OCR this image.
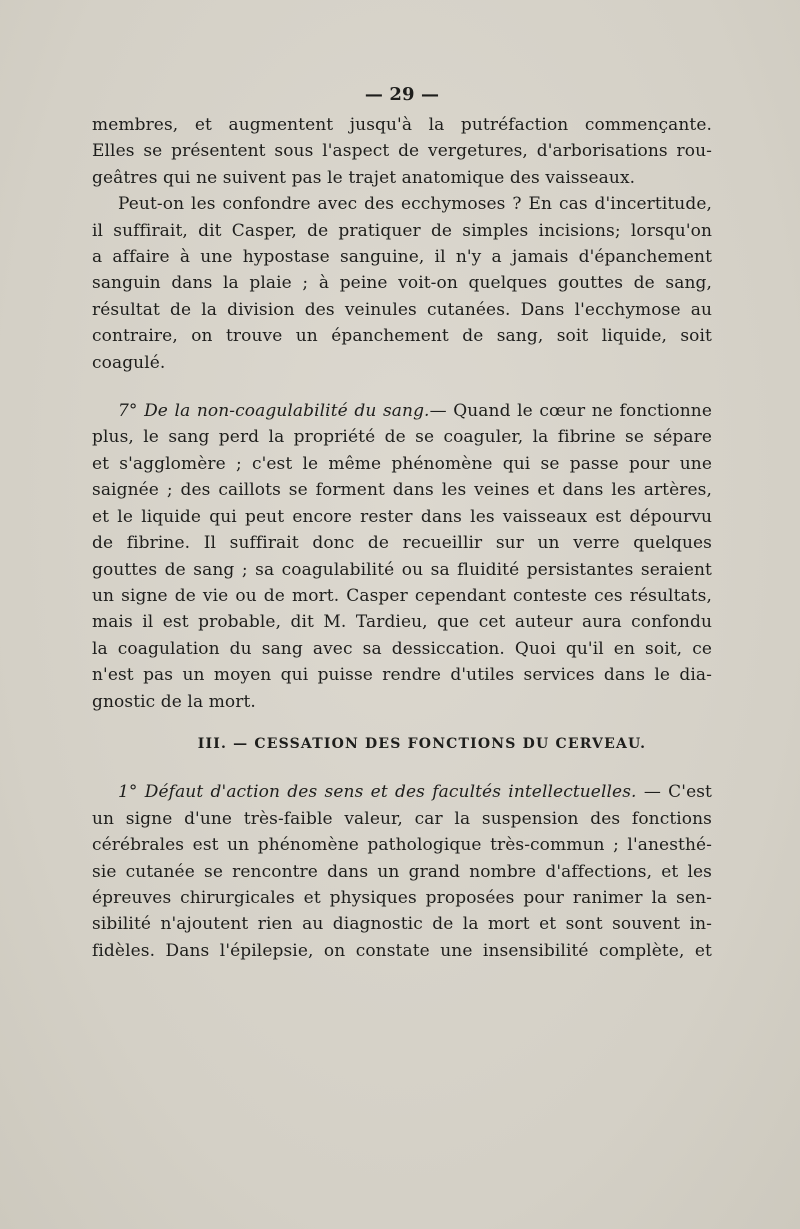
— 29 —
membres, et augmentent jusqu'à la putréfaction commençante.
Elles se présentent sous l'aspect de vergetures, d'arborisations rou-
geâtres qui ne suivent pas le trajet anatomique des vaisseaux.
Peut-on les confondre avec des ecchymoses ? En cas d'incertitude,
il suffirait, dit Casper, de pratiquer de simples incisions; lorsqu'on
a affaire à une hypostase sanguine, il n'y a jamais d'épanchement
sanguin dans la plaie ; à peine voit-on quelques gouttes de sang,
résultat de la division des veinules cutanées. Dans l'ecchymose au
contraire, on trouve un épanchement de sang, soit liquide, soit
coagulé.
7° De la non-coagulabilité du sang.— Quand le cœur ne fonctionne
plus, le sang perd la propriété de se coaguler, la fibrine se sépare
et s'agglomère ; c'est le même phénomène qui se passe pour une
saignée ; des caillots se forment dans les veines et dans les artères,
et le liquide qui peut encore rester dans les vaisseaux est dépourvu
de fibrine. Il suffirait donc de recueillir sur un verre quelques
gouttes de sang ; sa coagulabilité ou sa fluidité persistantes seraient
un signe de vie ou de mort. Casper cependant conteste ces résultats,
mais il est probable, dit M. Tardieu, que cet auteur aura confondu
la coagulation du sang avec sa dessiccation. Quoi qu'il en soit, ce
n'est pas un moyen qui puisse rendre d'utiles services dans le dia-
gnostic de la mort.
III. — CESSATION DES FONCTIONS DU CERVEAU.
1° Défaut d'action des sens et des facultés intellectuelles. — C'est
un signe d'une très-faible valeur, car la suspension des fonctions
cérébrales est un phénomène pathologique très-commun ; l'anesthé-
sie cutanée se rencontre dans un grand nombre d'affections, et les
épreuves chirurgicales et physiques proposées pour ranimer la sen-
sibilité n'ajoutent rien au diagnostic de la mort et sont souvent in-
fidèles. Dans l'épilepsie, on constate une insensibilité complète, et
